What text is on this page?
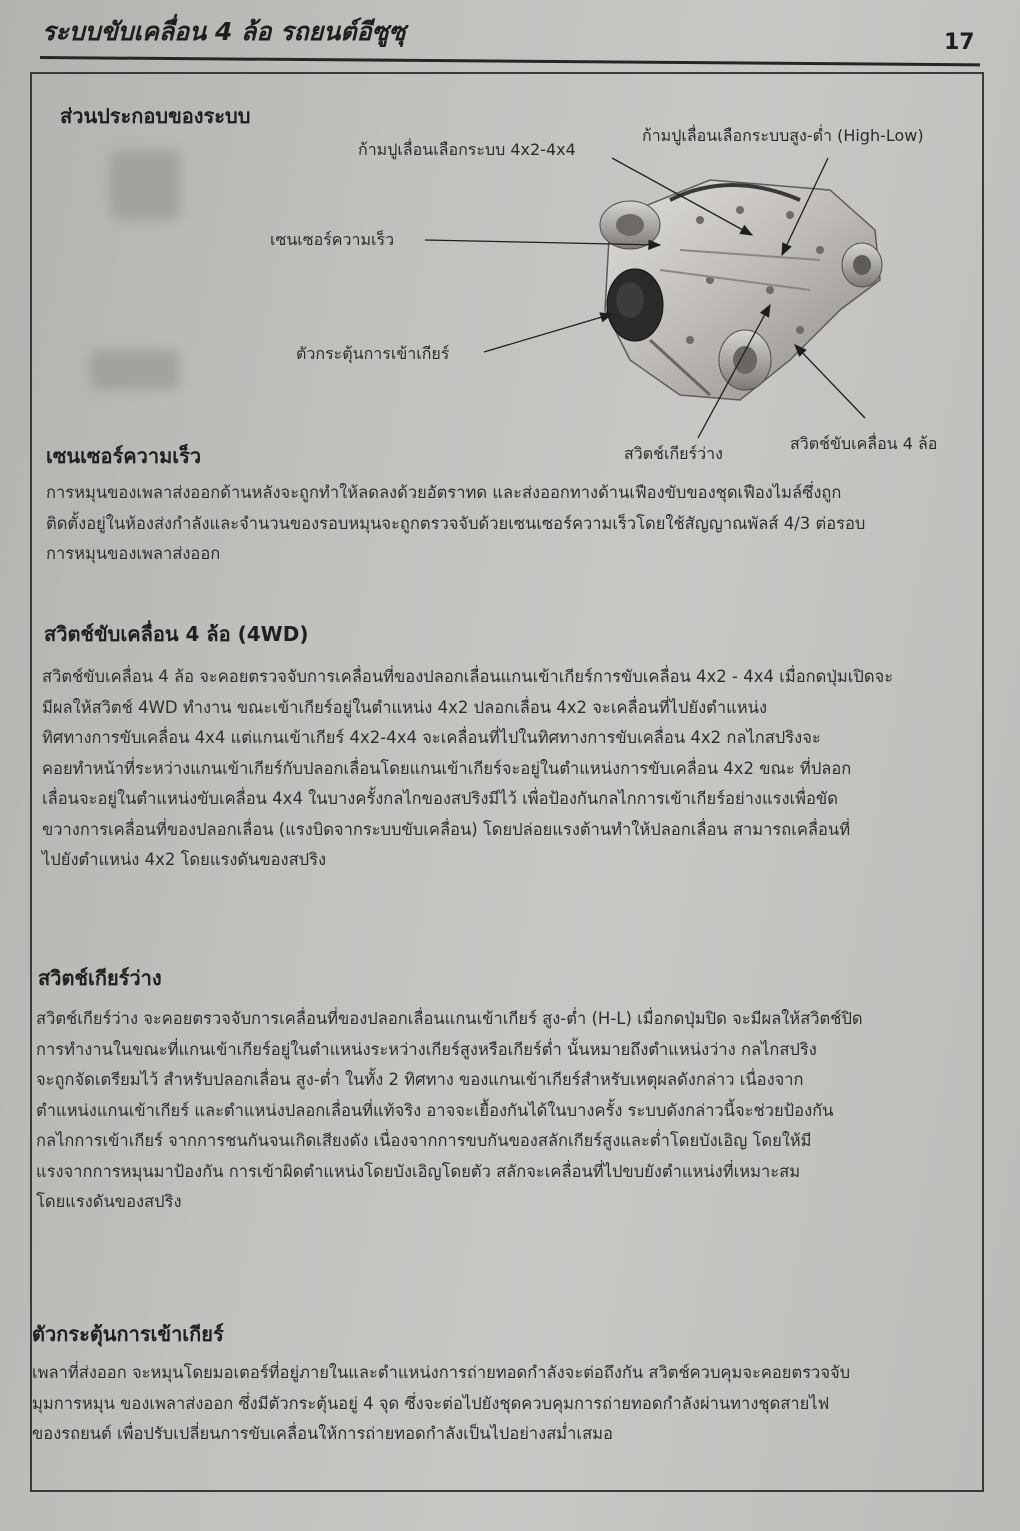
ระบบขับเคลื่อน 4 ล้อ รถยนต์อีซูซุ	17
ส่วนประกอบของระบบ
ก้ามปูเลื่อนเลือกระบบ 4x2-4x4
ก้ามปูเลื่อนเลือกระบบสูง-ต่ำ (High-Low)
เซนเซอร์ความเร็ว
ตัวกระตุ้นการเข้าเกียร์
สวิตช์เกียร์ว่าง
สวิตช์ขับเคลื่อน 4 ล้อ
เซนเซอร์ความเร็ว
การหมุนของเพลาส่งออกด้านหลังจะถูกทำให้ลดลงด้วยอัตราทด และส่งออกทางด้านเฟืองขับของชุดเฟืองไมล์ซึ่งถูก
ติดตั้งอยู่ในห้องส่งกำลังและจำนวนของรอบหมุนจะถูกตรวจจับด้วยเซนเซอร์ความเร็วโดยใช้สัญญาณพัลส์ 4/3 ต่อรอบ
การหมุนของเพลาส่งออก
สวิตช์ขับเคลื่อน 4 ล้อ (4WD)
สวิตช์ขับเคลื่อน 4 ล้อ จะคอยตรวจจับการเคลื่อนที่ของปลอกเลื่อนแกนเข้าเกียร์การขับเคลื่อน 4x2 - 4x4 เมื่อกดปุ่มเปิดจะ
มีผลให้สวิตช์ 4WD ทำงาน ขณะเข้าเกียร์อยู่ในตำแหน่ง 4x2 ปลอกเลื่อน 4x2 จะเคลื่อนที่ไปยังตำแหน่ง
ทิศทางการขับเคลื่อน 4x4 แต่แกนเข้าเกียร์ 4x2-4x4 จะเคลื่อนที่ไปในทิศทางการขับเคลื่อน 4x2 กลไกสปริงจะ
คอยทำหน้าที่ระหว่างแกนเข้าเกียร์กับปลอกเลื่อนโดยแกนเข้าเกียร์จะอยู่ในตำแหน่งการขับเคลื่อน 4x2 ขณะ ที่ปลอก
เลื่อนจะอยู่ในตำแหน่งขับเคลื่อน 4x4 ในบางครั้งกลไกของสปริงมีไว้ เพื่อป้องกันกลไกการเข้าเกียร์อย่างแรงเพื่อขัด
ขวางการเคลื่อนที่ของปลอกเลื่อน (แรงบิดจากระบบขับเคลื่อน) โดยปล่อยแรงต้านทำให้ปลอกเลื่อน สามารถเคลื่อนที่
ไปยังตำแหน่ง 4x2 โดยแรงดันของสปริง
สวิตช์เกียร์ว่าง
สวิตช์เกียร์ว่าง จะคอยตรวจจับการเคลื่อนที่ของปลอกเลื่อนแกนเข้าเกียร์ สูง-ต่ำ (H-L) เมื่อกดปุ่มปิด จะมีผลให้สวิตช์ปิด
การทำงานในขณะที่แกนเข้าเกียร์อยู่ในตำแหน่งระหว่างเกียร์สูงหรือเกียร์ต่ำ นั้นหมายถึงตำแหน่งว่าง กลไกสปริง
จะถูกจัดเตรียมไว้ สำหรับปลอกเลื่อน สูง-ต่ำ ในทั้ง 2 ทิศทาง ของแกนเข้าเกียร์สำหรับเหตุผลดังกล่าว เนื่องจาก
ตำแหน่งแกนเข้าเกียร์ และตำแหน่งปลอกเลื่อนที่แท้จริง อาจจะเยื้องกันได้ในบางครั้ง ระบบดังกล่าวนี้จะช่วยป้องกัน
กลไกการเข้าเกียร์ จากการชนกันจนเกิดเสียงดัง เนื่องจากการขบกันของสลักเกียร์สูงและต่ำโดยบังเอิญ โดยให้มี
แรงจากการหมุนมาป้องกัน การเข้าผิดตำแหน่งโดยบังเอิญโดยตัว สลักจะเคลื่อนที่ไปขบยังตำแหน่งที่เหมาะสม
โดยแรงดันของสปริง
ตัวกระตุ้นการเข้าเกียร์
เพลาที่ส่งออก จะหมุนโดยมอเตอร์ที่อยู่ภายในและตำแหน่งการถ่ายทอดกำลังจะต่อถึงกัน สวิตช์ควบคุมจะคอยตรวจจับ
มุมการหมุน ของเพลาส่งออก ซึ่งมีตัวกระตุ้นอยู่ 4 จุด ซึ่งจะต่อไปยังชุดควบคุมการถ่ายทอดกำลังผ่านทางชุดสายไฟ
ของรถยนต์ เพื่อปรับเปลี่ยนการขับเคลื่อนให้การถ่ายทอดกำลังเป็นไปอย่างสม่ำเสมอ
